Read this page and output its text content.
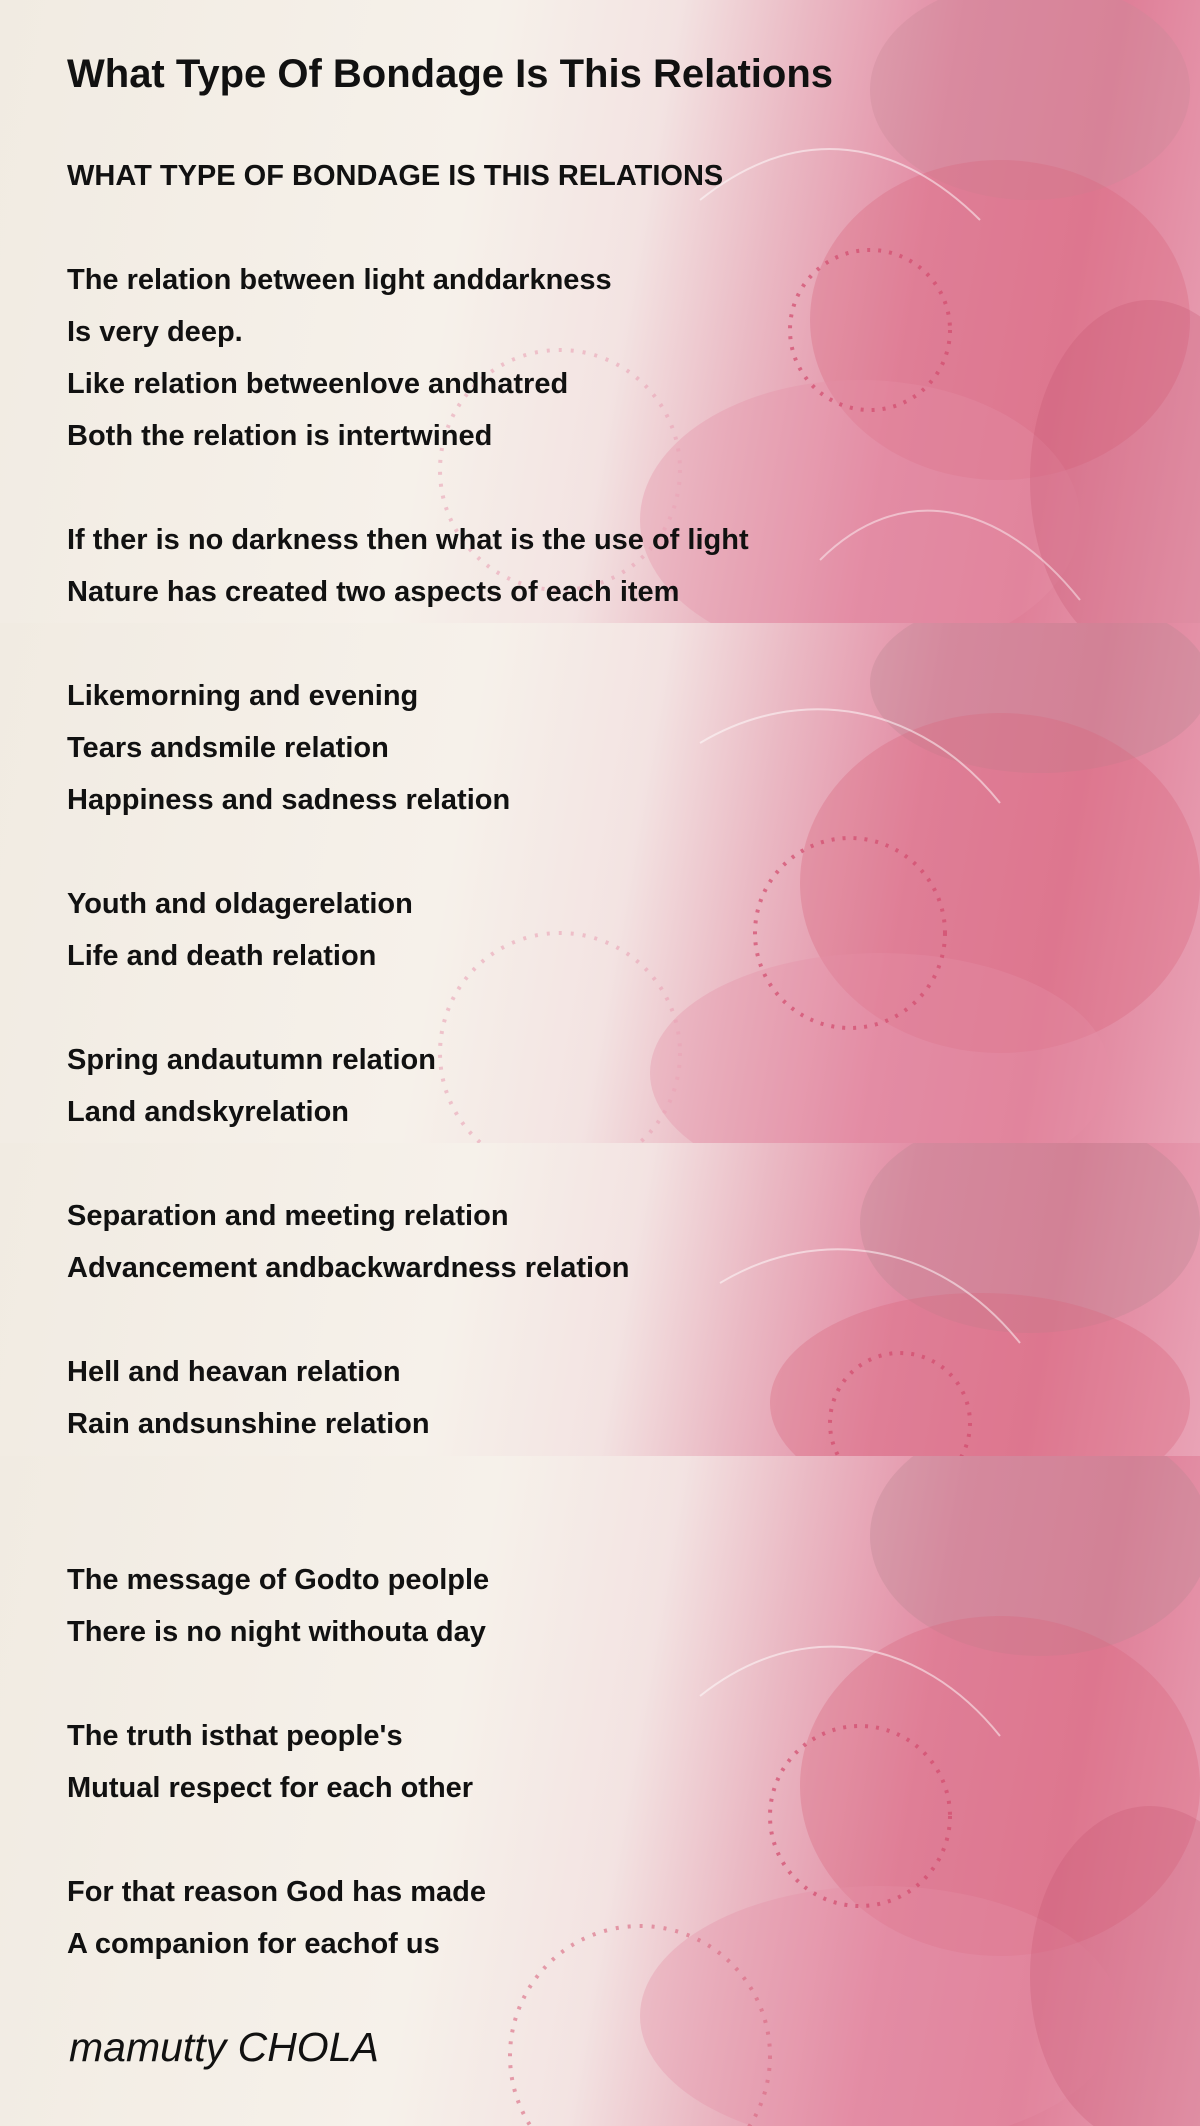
What Type Of Bondage Is This Relations
WHAT TYPE OF BONDAGE IS THIS RELATIONS
The relation between light anddarkness
Is very deep.
Like relation betweenlove andhatred
Both the relation is intertwined
If ther is no darkness then what is the use of light
Nature has created two aspects of each item
Likemorning and evening
Tears andsmile relation
Happiness and sadness relation
Youth and oldagerelation
Life and death relation
Spring andautumn relation
Land andskyrelation
Separation and meeting relation
Advancement andbackwardness relation
Hell and heavan relation
Rain andsunshine relation
The message of Godto peolple
There is no night withouta day
The truth isthat people's
Mutual respect for each other
For that reason God has made
A companion for eachof us
mamutty CHOLA
